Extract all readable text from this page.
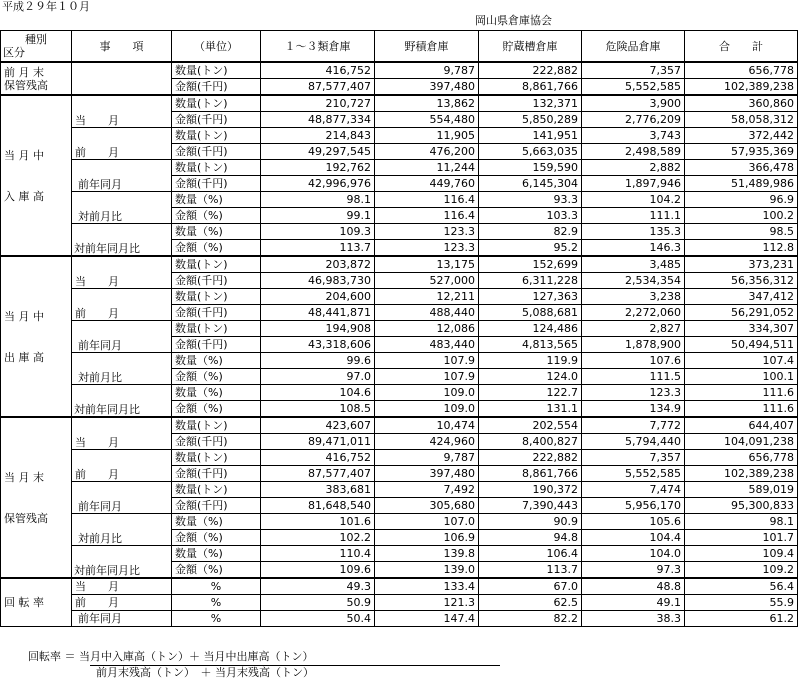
平成２９年１０月
岡山県倉庫協会
種別
区分	事　　項	（単位）	１～３類倉庫	野積倉庫	貯蔵槽倉庫	危険品倉庫	合　　計

前 月 末
保管残高		数量(トン)	416,752	9,787	222,882	7,357	656,778
		金額(千円)	87,577,407	397,480	8,861,766	5,552,585	102,389,238

当 月 中
入 庫 高	当　　月	数量(トン)	210,727	13,862	132,371	3,900	360,860
		金額(千円)	48,877,334	554,480	5,850,289	2,776,209	58,058,312
	前　　月	数量(トン)	214,843	11,905	141,951	3,743	372,442
		金額(千円)	49,297,545	476,200	5,663,035	2,498,589	57,935,369
	前年同月	数量(トン)	192,762	11,244	159,590	2,882	366,478
		金額(千円)	42,996,976	449,760	6,145,304	1,897,946	51,489,986
	対前月比	数量（%)	98.1	116.4	93.3	104.2	96.9
		金額（%)	99.1	116.4	103.3	111.1	100.2
	対前年同月比	数量（%)	109.3	123.3	82.9	135.3	98.5
		金額（%)	113.7	123.3	95.2	146.3	112.8

当 月 中
出 庫 高	当　　月	数量(トン)	203,872	13,175	152,699	3,485	373,231
		金額(千円)	46,983,730	527,000	6,311,228	2,534,354	56,356,312
	前　　月	数量(トン)	204,600	12,211	127,363	3,238	347,412
		金額(千円)	48,441,871	488,440	5,088,681	2,272,060	56,291,052
	前年同月	数量(トン)	194,908	12,086	124,486	2,827	334,307
		金額(千円)	43,318,606	483,440	4,813,565	1,878,900	50,494,511
	対前月比	数量（%)	99.6	107.9	119.9	107.6	107.4
		金額（%)	97.0	107.9	124.0	111.5	100.1
	対前年同月比	数量（%)	104.6	109.0	122.7	123.3	111.6
		金額（%)	108.5	109.0	131.1	134.9	111.6

当 月 末
保管残高	当　　月	数量(トン)	423,607	10,474	202,554	7,772	644,407
		金額(千円)	89,471,011	424,960	8,400,827	5,794,440	104,091,238
	前　　月	数量(トン)	416,752	9,787	222,882	7,357	656,778
		金額(千円)	87,577,407	397,480	8,861,766	5,552,585	102,389,238
	前年同月	数量(トン)	383,681	7,492	190,372	7,474	589,019
		金額(千円)	81,648,540	305,680	7,390,443	5,956,170	95,300,833
	対前月比	数量（%)	101.6	107.0	90.9	105.6	98.1
		金額（%)	102.2	106.9	94.8	104.4	101.7
	対前年同月比	数量（%)	110.4	139.8	106.4	104.0	109.4
		金額（%)	109.6	139.0	113.7	97.3	109.2

回 転 率	当　　月	%	49.3	133.4	67.0	48.8	56.4
	前　　月	%	50.9	121.3	62.5	49.1	55.9
	前年同月	%	50.4	147.4	82.2	38.3	61.2
回転率 ＝ 当月中入庫高（トン）＋ 当月中出庫高（トン）
前月末残高（トン）　＋ 当月末残高（トン）
